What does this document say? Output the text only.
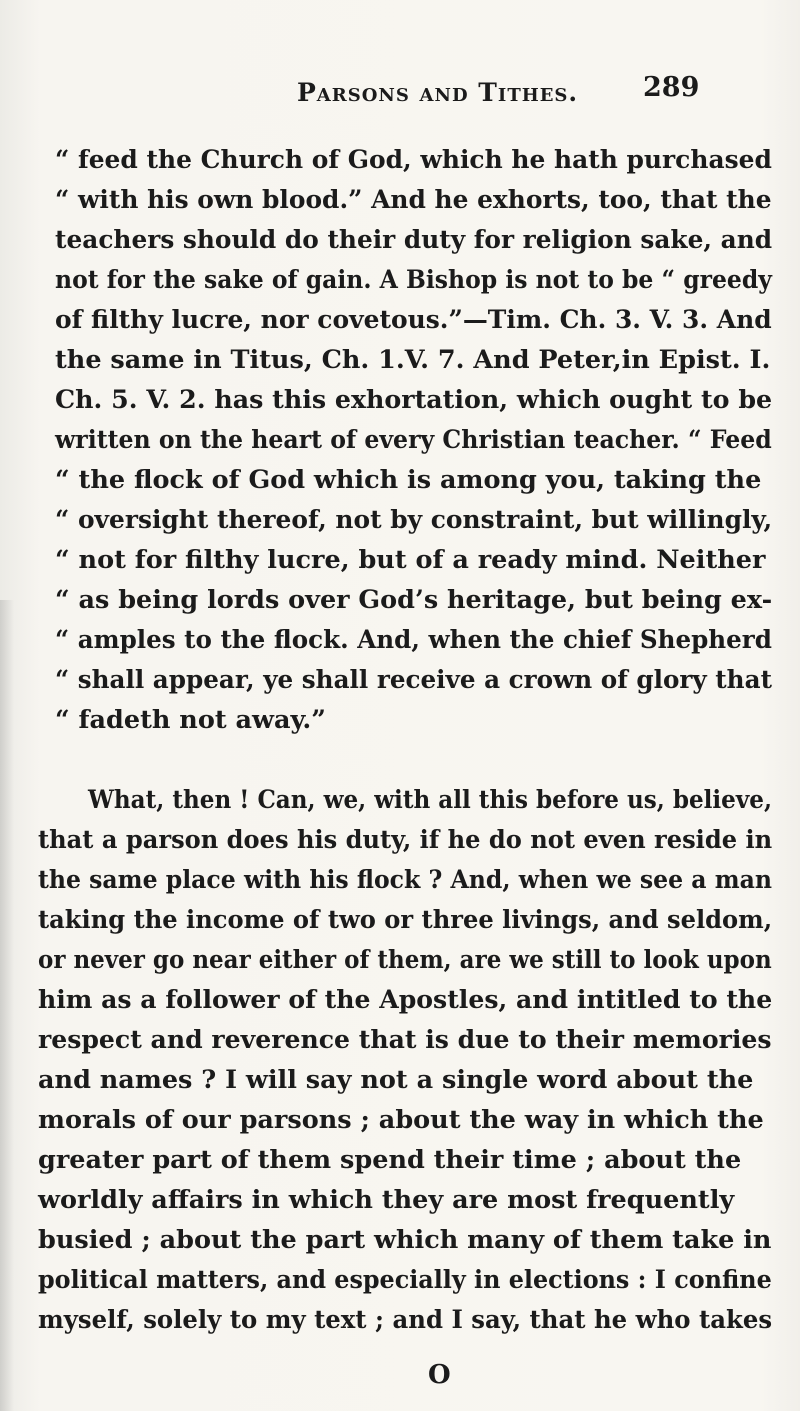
Parsons and Tithes. 289
“ feed the Church of God, which he hath purchased
“ with his own blood.” And he exhorts, too, that the
teachers should do their duty for religion sake, and
not for the sake of gain. A Bishop is not to be “ greedy
of filthy lucre, nor covetous.”—Tim. Ch. 3. V. 3. And
the same in Titus, Ch. 1.V. 7. And Peter,in Epist. I.
Ch. 5. V. 2. has this exhortation, which ought to be
written on the heart of every Christian teacher. “ Feed
“ the flock of God which is among you, taking the
“ oversight thereof, not by constraint, but willingly,
“ not for filthy lucre, but of a ready mind. Neither
“ as being lords over God’s heritage, but being ex-
“ amples to the flock. And, when the chief Shepherd
“ shall appear, ye shall receive a crown of glory that
“ fadeth not away.”
What, then ! Can, we, with all this before us, believe,
that a parson does his duty, if he do not even reside in
the same place with his flock ? And, when we see a man
taking the income of two or three livings, and seldom,
or never go near either of them, are we still to look upon
him as a follower of the Apostles, and intitled to the
respect and reverence that is due to their memories
and names ? I will say not a single word about the
morals of our parsons ; about the way in which the
greater part of them spend their time ; about the
worldly affairs in which they are most frequently
busied ; about the part which many of them take in
political matters, and especially in elections : I confine
myself, solely to my text ; and I say, that he who takes
O
